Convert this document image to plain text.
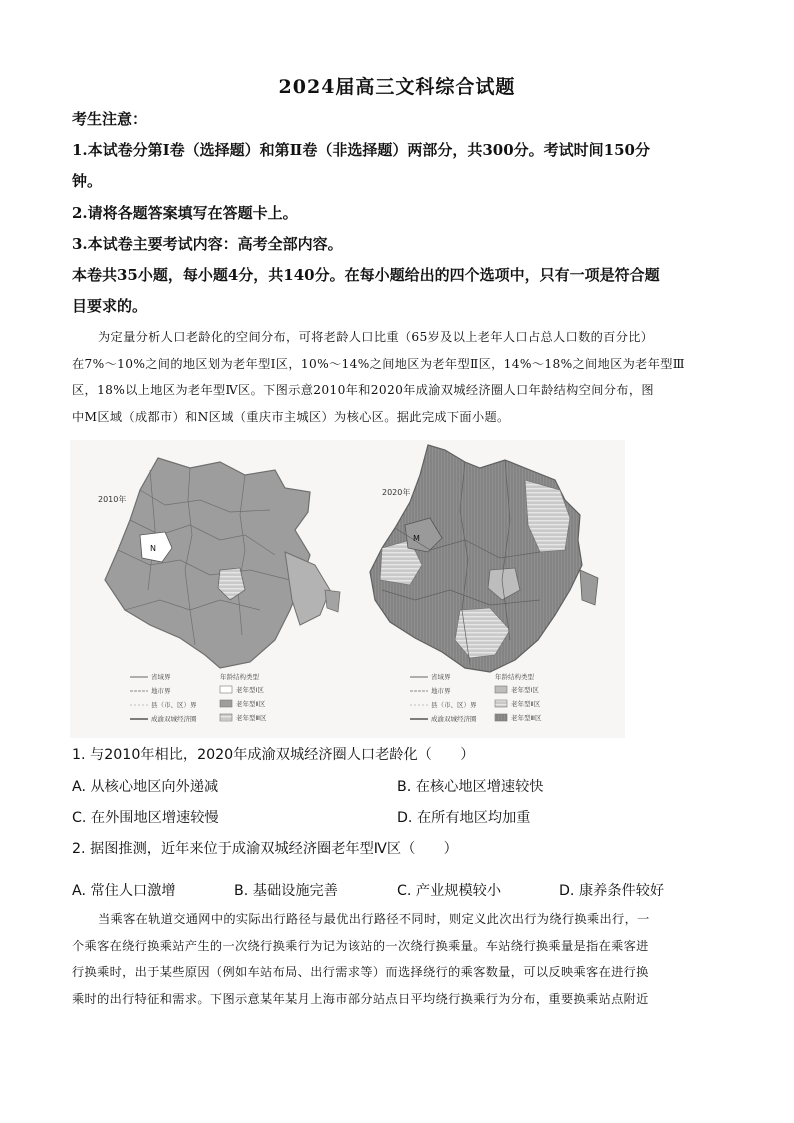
2024届高三文科综合试题
考生注意：
1.本试卷分第Ⅰ卷（选择题）和第Ⅱ卷（非选择题）两部分，共300分。考试时间150分
钟。
2.请将各题答案填写在答题卡上。
3.本试卷主要考试内容：高考全部内容。
本卷共35小题，每小题4分，共140分。在每小题给出的四个选项中，只有一项是符合题
目要求的。

为定量分析人口老龄化的空间分布，可将老龄人口比重（65岁及以上老年人口占总人口数的百分比）

在7%～10%之间的地区划为老年型Ⅰ区，10%～14%之间地区为老年型Ⅱ区，14%～18%之间地区为老年型Ⅲ

区，18%以上地区为老年型Ⅳ区。下图示意2010年和2020年成渝双城经济圈人口年龄结构空间分布，图

中M区域（成都市）和N区域（重庆市主城区）为核心区。据此完成下面小题。

2010年
N
2020年
M
省域界
地市界
县（市、区）界
成渝双城经济圈
年龄结构类型
老年型Ⅰ区
老年型Ⅱ区
老年型Ⅲ区
省域界
地市界
县（市、区）界
成渝双城经济圈
年龄结构类型
老年型Ⅰ区
老年型Ⅱ区
老年型Ⅲ区
1. 与2010年相比，2020年成渝双城经济圈人口老龄化（　　）
A. 从核心地区向外递减	B. 在核心地区增速较快
C. 在外围地区增速较慢	D. 在所有地区均加重
2. 据图推测，近年来位于成渝双城经济圈老年型Ⅳ区（　　）
A. 常住人口激增	B. 基础设施完善	C. 产业规模较小	D. 康养条件较好

当乘客在轨道交通网中的实际出行路径与最优出行路径不同时，则定义此次出行为绕行换乘出行，一

个乘客在绕行换乘站产生的一次绕行换乘行为记为该站的一次绕行换乘量。车站绕行换乘量是指在乘客进

行换乘时，出于某些原因（例如车站布局、出行需求等）而选择绕行的乘客数量，可以反映乘客在进行换

乘时的出行特征和需求。下图示意某年某月上海市部分站点日平均绕行换乘行为分布，重要换乘站点附近
